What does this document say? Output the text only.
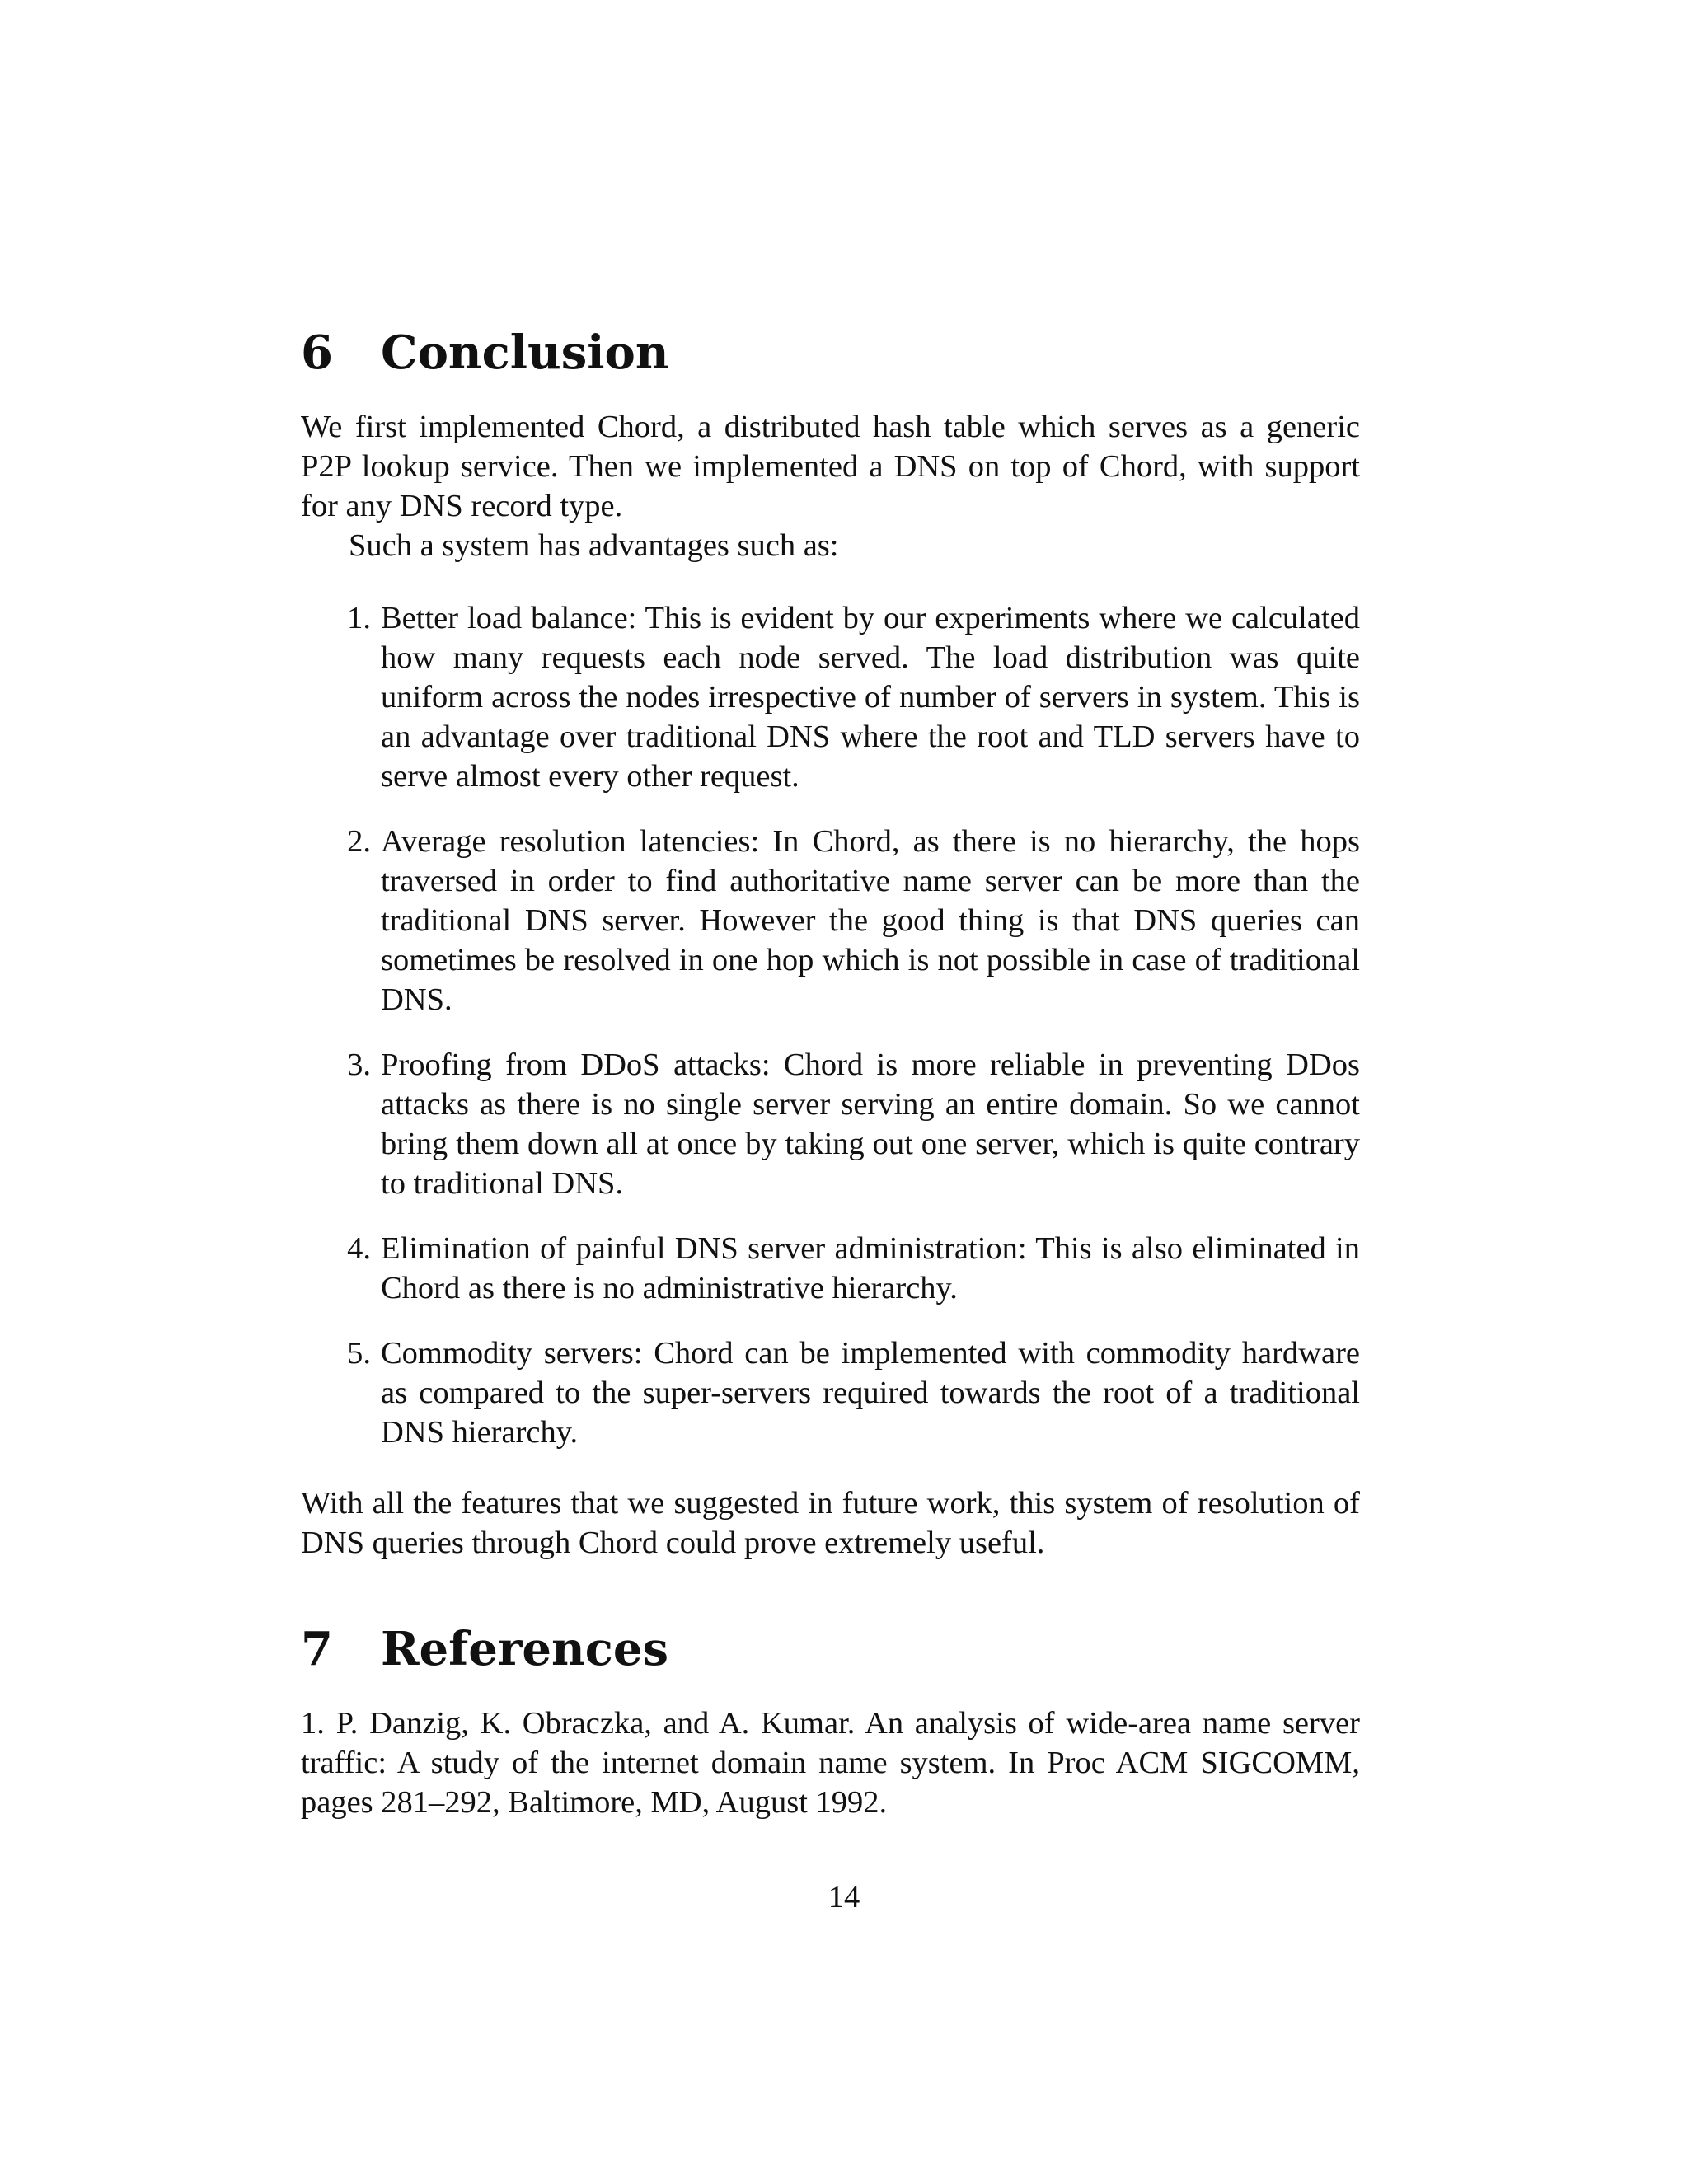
6	Conclusion

We first implemented Chord, a distributed hash table which serves as a generic P2P lookup service. Then we implemented a DNS on top of Chord, with support for any DNS record type.

Such a system has advantages such as:

1. Better load balance: This is evident by our experiments where we calculated how many requests each node served. The load distribution was quite uniform across the nodes irrespective of number of servers in system. This is an advantage over traditional DNS where the root and TLD servers have to serve almost every other request.
2. Average resolution latencies: In Chord, as there is no hierarchy, the hops traversed in order to find authoritative name server can be more than the traditional DNS server. However the good thing is that DNS queries can sometimes be resolved in one hop which is not possible in case of traditional DNS.
3. Proofing from DDoS attacks: Chord is more reliable in preventing DDos attacks as there is no single server serving an entire domain. So we cannot bring them down all at once by taking out one server, which is quite contrary to traditional DNS.
4. Elimination of painful DNS server administration: This is also eliminated in Chord as there is no administrative hierarchy.
5. Commodity servers: Chord can be implemented with commodity hardware as compared to the super-servers required towards the root of a traditional DNS hierarchy.

With all the features that we suggested in future work, this system of resolution of DNS queries through Chord could prove extremely useful.

7	References

1. P. Danzig, K. Obraczka, and A. Kumar. An analysis of wide-area name server traffic: A study of the internet domain name system. In Proc ACM SIGCOMM, pages 281–292, Baltimore, MD, August 1992.

14
